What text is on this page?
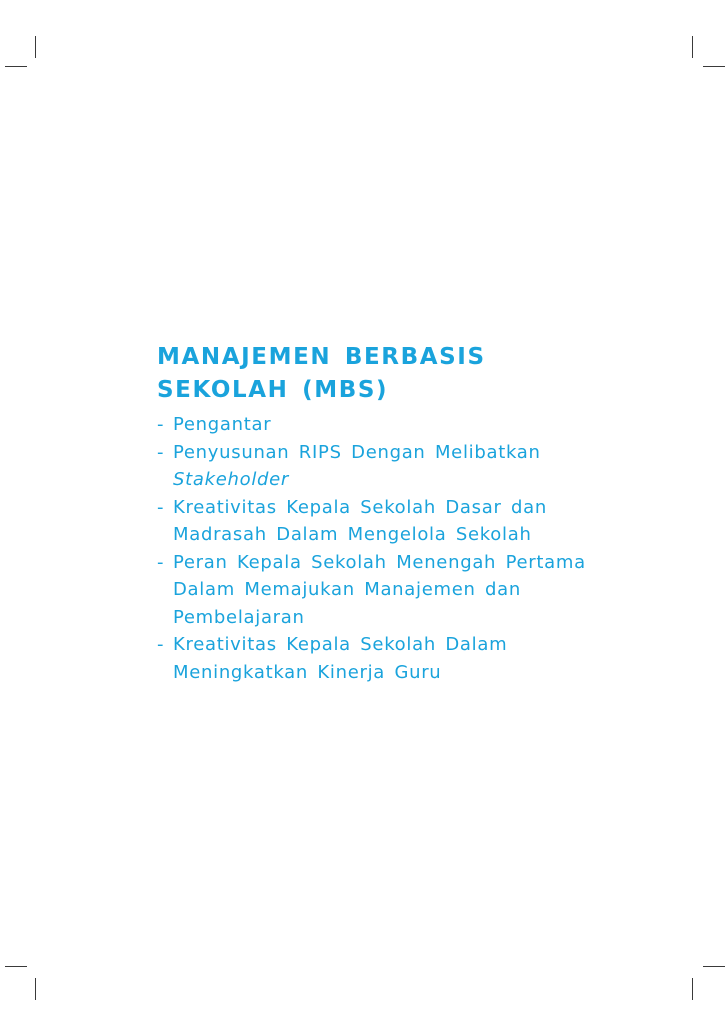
MANAJEMEN BERBASIS
SEKOLAH (MBS)
- Pengantar
- Penyusunan RIPS Dengan Melibatkan
Stakeholder
- Kreativitas Kepala Sekolah Dasar dan
Madrasah Dalam Mengelola Sekolah
- Peran Kepala Sekolah Menengah Pertama
Dalam Memajukan Manajemen dan
Pembelajaran
- Kreativitas Kepala Sekolah Dalam
Meningkatkan Kinerja Guru
